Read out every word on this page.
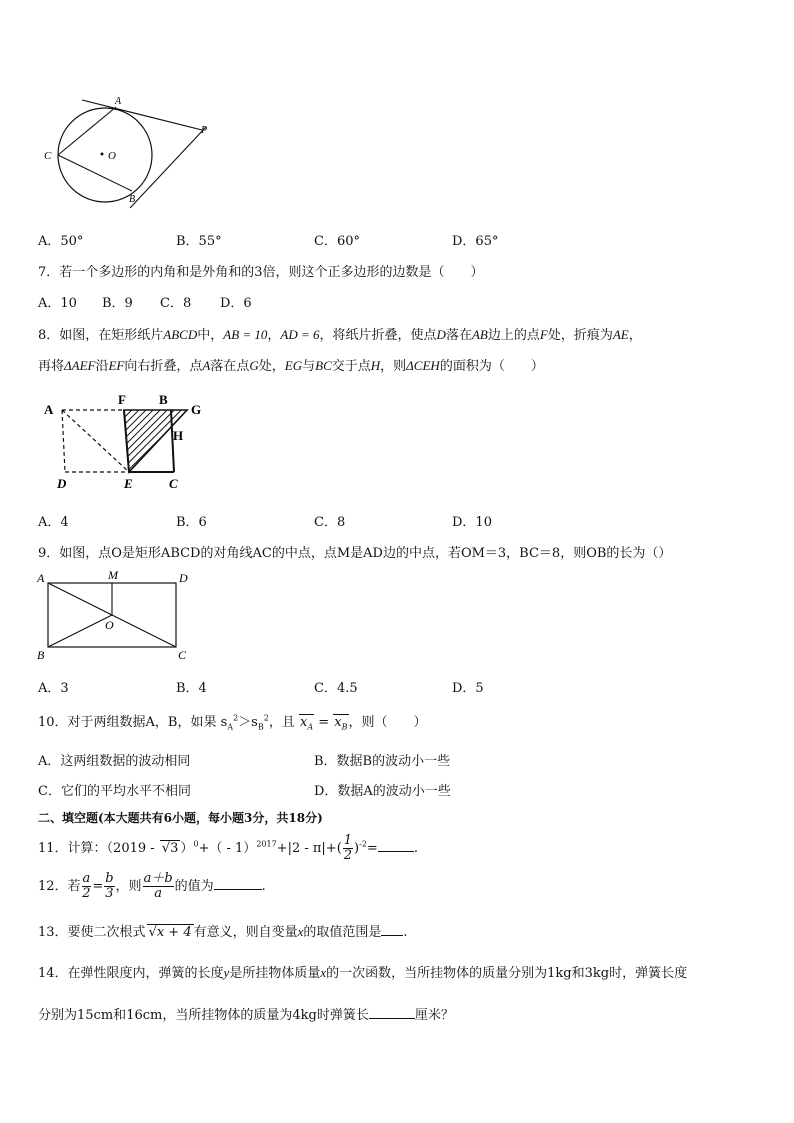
O
A
C
B
P
A．50°	B．55°	C．60°	D．65°
7．若一个多边形的内角和是外角和的3倍，则这个正多边形的边数是（　　）
A．10 B．9 C．8 D．6
8．如图，在矩形纸片ABCD中，AB = 10，AD = 6，将纸片折叠，使点D落在AB边上的点F处，折痕为AE，
再将ΔAEF沿EF向右折叠，点A落在点G处，EG与BC交于点H，则ΔCEH的面积为（　　）
A
F	B
G
H
D	E	C
A．4	B．6	C．8	D．10
9．如图，点O是矩形ABCD的对角线AC的中点，点M是AD边的中点，若OM＝3，BC＝8，则OB的长为（）
A	M	D
O
B	C
A．3	B．4	C．4.5	D．5
10．对于两组数据A，B，如果 $s_A^2>s_B^2$，且 $x_A = x_B$，则（　　）
A．这两组数据的波动相同	B．数据B的波动小一些
C．它们的平均水平不相同	D．数据A的波动小一些
二、填空题(本大题共有6小题，每小题3分，共18分)
11．计算：（2019 - √3 ）$^0+( - 1)^{2017}+|2 - \pi|+( \frac{1}{2} )^{-2}=$	.
12．若 $\frac{a}{2} = \frac{b}{3}$ ，则 $\frac{a+b}{a}$ 的值为	.
13．要使二次根式 √x + 4 有意义，则自变量x的取值范围是 .
14．在弹性限度内，弹簧的长度y是所挂物体质量x的一次函数，当所挂物体的质量分别为1kg和3kg时，弹簧长度
分别为15cm和16cm，当所挂物体的质量为4kg时弹簧长	厘米？
